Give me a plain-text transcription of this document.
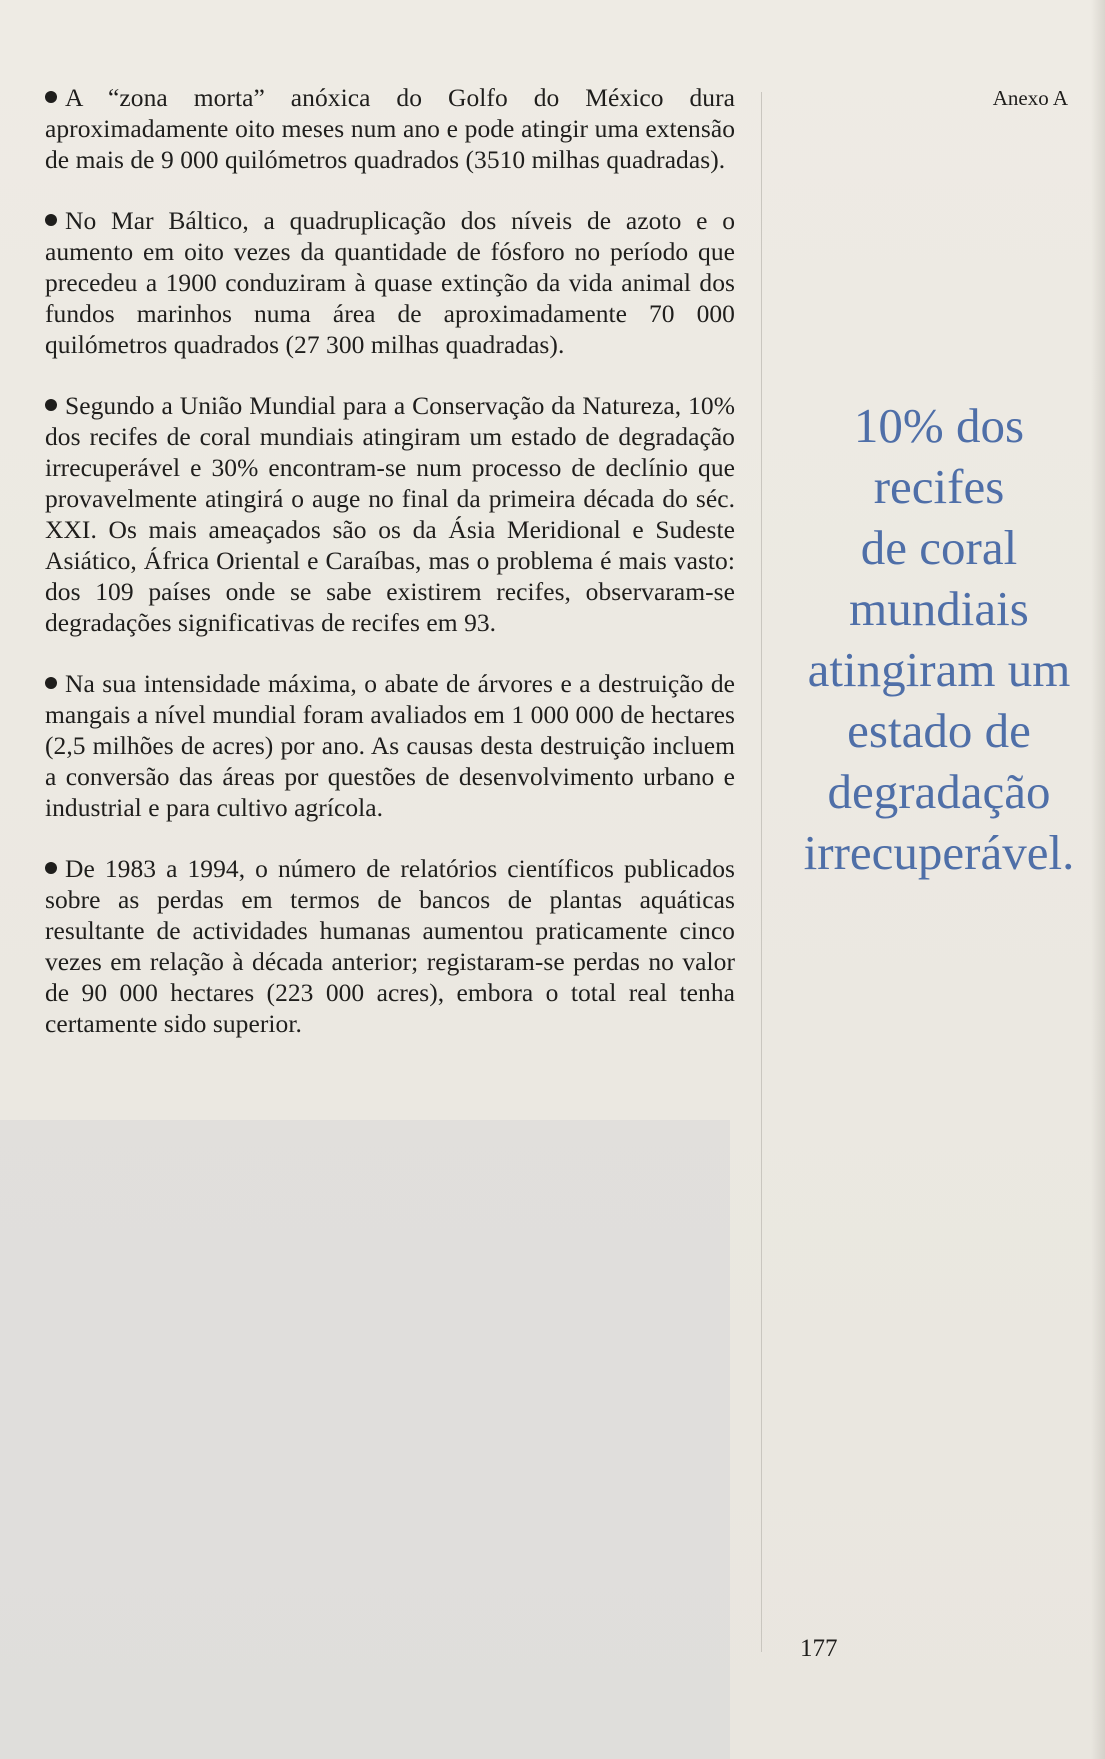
Anexo A

A “zona morta” anóxica do Golfo do México dura aproximadamente oito meses num ano e pode atingir uma extensão de mais de 9 000 quilómetros quadrados (3510 milhas quadradas).

No Mar Báltico, a quadruplicação dos níveis de azoto e o aumento em oito vezes da quantidade de fósforo no período que precedeu a 1900 conduziram à quase extinção da vida animal dos fundos marinhos numa área de aproximadamente 70 000 quilómetros quadrados (27 300 milhas quadradas).

Segundo a União Mundial para a Conservação da Natureza, 10% dos recifes de coral mundiais atingiram um estado de degradação irrecuperável e 30% encontram-se num processo de declínio que provavelmente atingirá o auge no final da primeira década do séc. XXI. Os mais ameaçados são os da Ásia Meridional e Sudeste Asiático, África Oriental e Caraíbas, mas o problema é mais vasto: dos 109 países onde se sabe existirem recifes, observaram-se degradações significativas de recifes em 93.

Na sua intensidade máxima, o abate de árvores e a destruição de mangais a nível mundial foram avaliados em 1 000 000 de hectares (2,5 milhões de acres) por ano. As causas desta destruição incluem a conversão das áreas por questões de desenvolvimento urbano e industrial e para cultivo agrícola.

De 1983 a 1994, o número de relatórios científicos publicados sobre as perdas em termos de bancos de plantas aquáticas resultante de actividades humanas aumentou praticamente cinco vezes em relação à década anterior; registaram-se perdas no valor de 90 000 hectares (223 000 acres), embora o total real tenha certamente sido superior.

10% dos
recifes
de coral
mundiais
atingiram um
estado de
degradação
irrecuperável.
177
